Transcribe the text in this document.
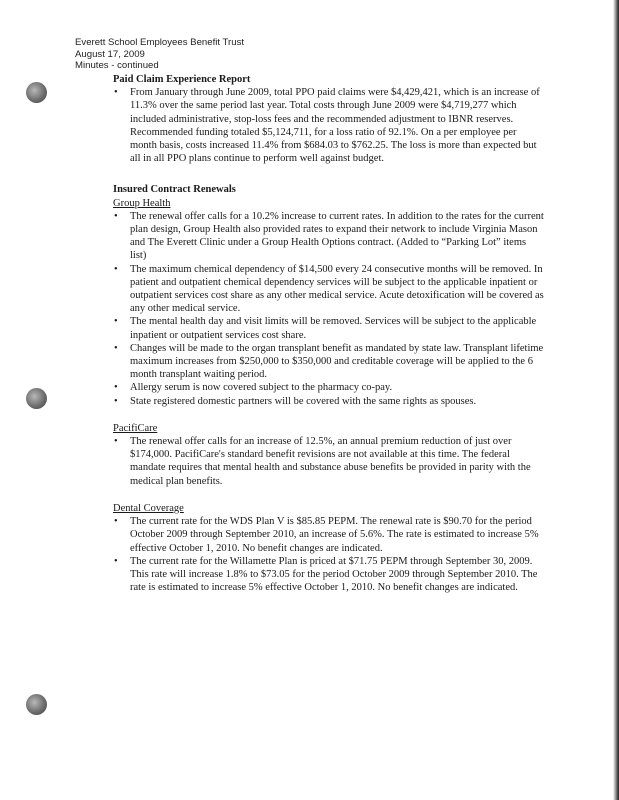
Everett School Employees Benefit Trust
August 17, 2009
Minutes - continued
Paid Claim Experience Report
• From January through June 2009, total PPO paid claims were $4,429,421, which is an increase of 11.3% over the same period last year. Total costs through June 2009 were $4,719,277 which included administrative, stop-loss fees and the recommended adjustment to IBNR reserves. Recommended funding totaled $5,124,711, for a loss ratio of 92.1%. On a per employee per month basis, costs increased 11.4% from $684.03 to $762.25. The loss is more than expected but all in all PPO plans continue to perform well against budget.
Insured Contract Renewals
Group Health
• The renewal offer calls for a 10.2% increase to current rates. In addition to the rates for the current plan design, Group Health also provided rates to expand their network to include Virginia Mason and The Everett Clinic under a Group Health Options contract. (Added to “Parking Lot” items list)
• The maximum chemical dependency of $14,500 every 24 consecutive months will be removed. In patient and outpatient chemical dependency services will be subject to the applicable inpatient or outpatient services cost share as any other medical service. Acute detoxification will be covered as any other medical service.
• The mental health day and visit limits will be removed. Services will be subject to the applicable inpatient or outpatient services cost share.
• Changes will be made to the organ transplant benefit as mandated by state law. Transplant lifetime maximum increases from $250,000 to $350,000 and creditable coverage will be applied to the 6 month transplant waiting period.
• Allergy serum is now covered subject to the pharmacy co-pay.
• State registered domestic partners will be covered with the same rights as spouses.
PacifiCare
• The renewal offer calls for an increase of 12.5%, an annual premium reduction of just over $174,000. PacifiCare's standard benefit revisions are not available at this time. The federal mandate requires that mental health and substance abuse benefits be provided in parity with the medical plan benefits.
Dental Coverage
• The current rate for the WDS Plan V is $85.85 PEPM. The renewal rate is $90.70 for the period October 2009 through September 2010, an increase of 5.6%. The rate is estimated to increase 5% effective October 1, 2010. No benefit changes are indicated.
• The current rate for the Willamette Plan is priced at $71.75 PEPM through September 30, 2009. This rate will increase 1.8% to $73.05 for the period October 2009 through September 2010. The rate is estimated to increase 5% effective October 1, 2010. No benefit changes are indicated.
